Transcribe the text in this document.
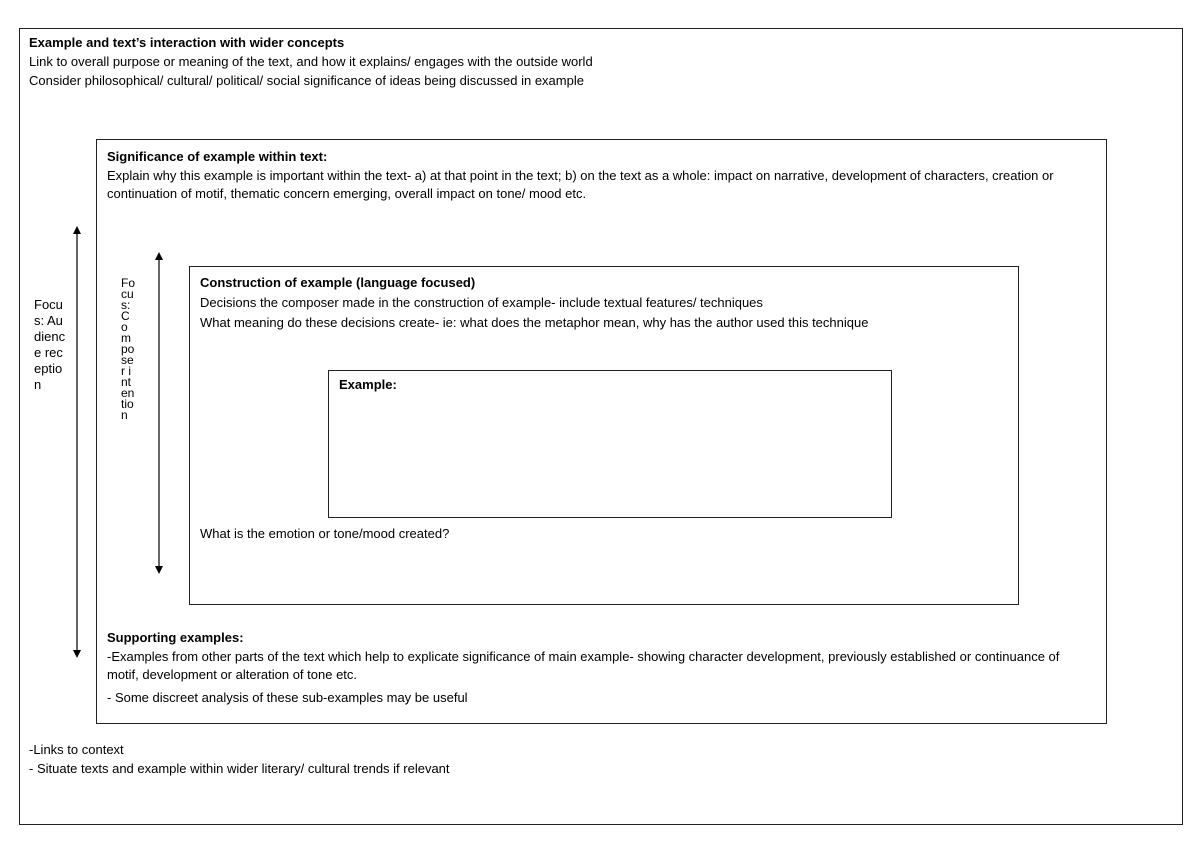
Example and text’s interaction with wider concepts
Link to overall purpose or meaning of the text, and how it explains/ engages with the outside world
Consider philosophical/ cultural/ political/ social significance of ideas being discussed in example
Significance of example within text:
Explain why this example is important within the text- a) at that point in the text; b) on the text as a whole: impact on narrative, development of characters, creation or continuation of motif, thematic concern emerging, overall impact on tone/ mood etc.
Construction of example (language focused)
Decisions the composer made in the construction of example- include textual features/ techniques
What meaning do these decisions create- ie: what does the metaphor mean, why has the author used this technique
Example:
What is the emotion or tone/mood created?
Supporting examples:
-Examples from other parts of the text which help to explicate significance of main example- showing character development, previously established or continuance of motif, development or alteration of tone etc.
- Some discreet analysis of these sub-examples may be useful
-Links to context
- Situate texts and example within wider literary/ cultural trends if relevant
Focus: Audience reception
Focus: Composer intention
